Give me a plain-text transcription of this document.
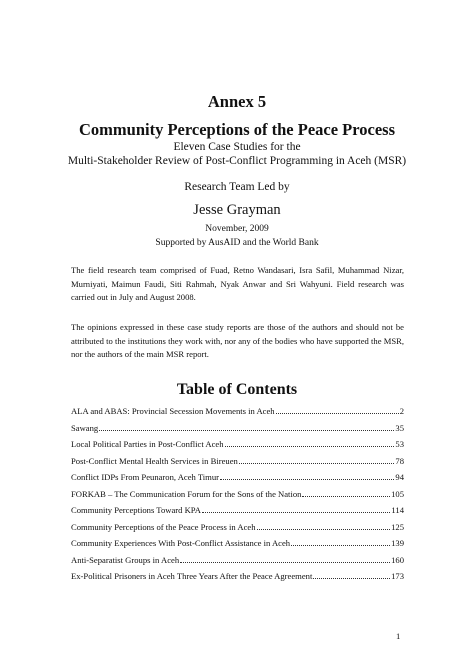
Annex 5
Community Perceptions of the Peace Process
Eleven Case Studies for the
Multi-Stakeholder Review of Post-Conflict Programming in Aceh (MSR)
Research Team Led by
Jesse Grayman
November, 2009
Supported by AusAID and the World Bank

The field research team comprised of Fuad, Retno Wandasari, Isra Safil, Muhammad Nizar, Murniyati, Maimun Faudi, Siti Rahmah, Nyak Anwar and Sri Wahyuni. Field research was carried out in July and August 2008.

The opinions expressed in these case study reports are those of the authors and should not be attributed to the institutions they work with, nor any of the bodies who have supported the MSR, nor the authors of the main MSR report.

Table of Contents
ALA and ABAS: Provincial Secession Movements in Aceh	2
Sawang	35
Local Political Parties in Post-Conflict Aceh	53
Post-Conflict Mental Health Services in Bireuen	78
Conflict IDPs From Peunaron, Aceh Timur	94
FORKAB – The Communication Forum for the Sons of the Nation	105
Community Perceptions Toward KPA	114
Community Perceptions of the Peace Process in Aceh	125
Community Experiences With Post-Conflict Assistance in Aceh	139
Anti-Separatist Groups in Aceh	160
Ex-Political Prisoners in Aceh Three Years After the Peace Agreement	173
1
